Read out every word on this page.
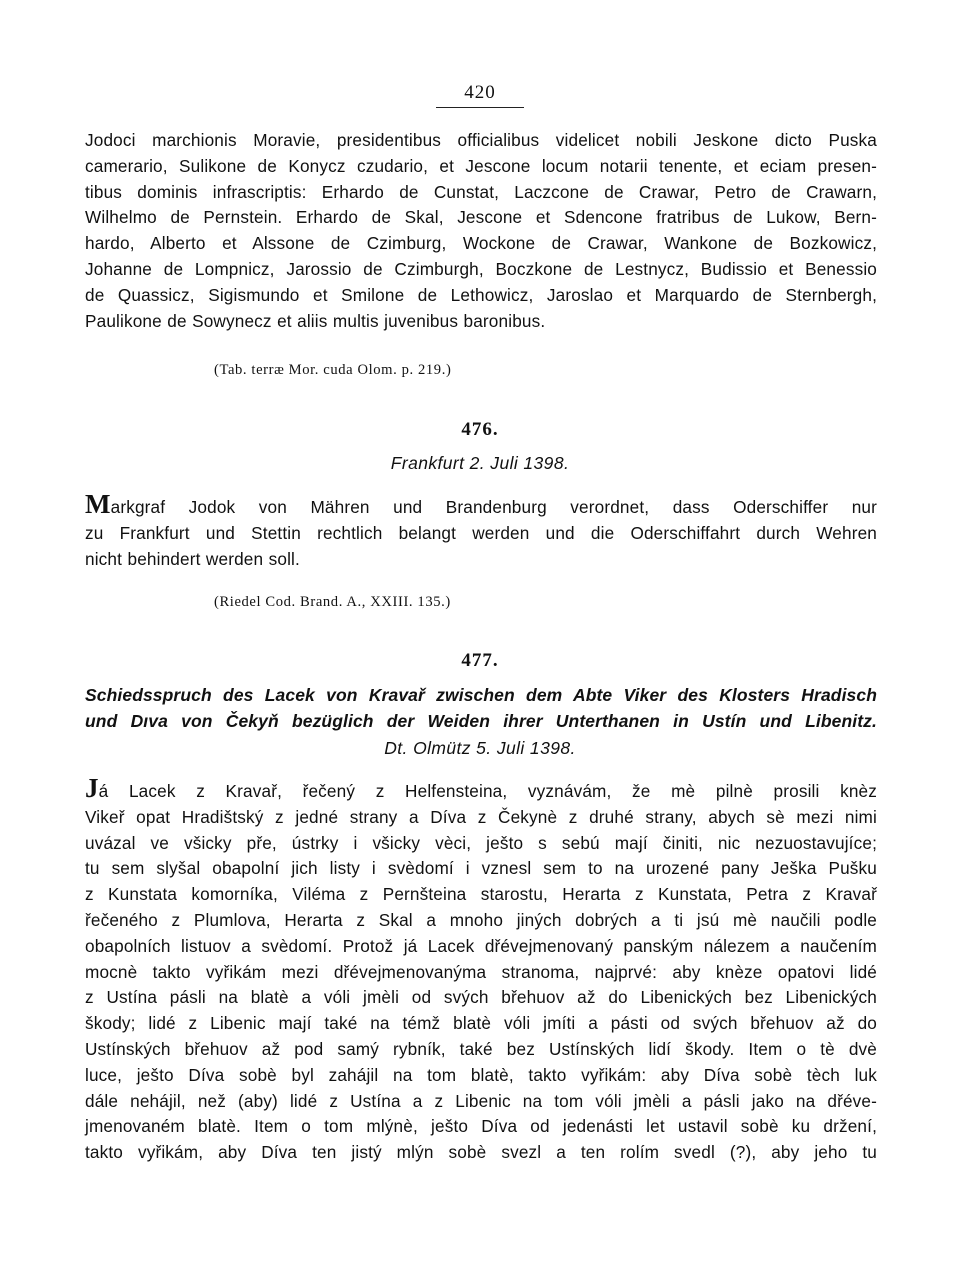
420

Jodoci marchionis Moravie, presidentibus officialibus videlicet nobili Jeskone dicto Puska
camerario, Sulikone de Konycz czudario, et Jescone locum notarii tenente, et eciam presen-
tibus dominis infrascriptis: Erhardo de Cunstat, Laczcone de Crawar, Petro de Crawarn,
Wilhelmo de Pernstein. Erhardo de Skal, Jescone et Sdencone fratribus de Lukow, Bern-
hardo, Alberto et Alssone de Czimburg, Wockone de Crawar, Wankone de Bozkowicz,
Johanne de Lompnicz, Jarossio de Czimburgh, Boczkone de Lestnycz, Budissio et Benessio
de Quassicz, Sigismundo et Smilone de Lethowicz, Jaroslao et Marquardo de Sternbergh,
Paulikone de Sowynecz et aliis multis juvenibus baronibus.

(Tab. terræ Mor. cuda Olom. p. 219.)

476.

Frankfurt 2. Juli 1398.

Markgraf Jodok von Mähren und Brandenburg verordnet, dass Oderschiffer nur
zu Frankfurt und Stettin rechtlich belangt werden und die Oderschiffahrt durch Wehren
nicht behindert werden soll.

(Riedel Cod. Brand. A., XXIII. 135.)

477.

Schiedsspruch des Lacek von Kravař zwischen dem Abte Viker des Klosters Hradisch
und Dıva von Čekyň bezüglich der Weiden ihrer Unterthanen in Ustín und Libenitz.

Dt. Olmütz 5. Juli 1398.

Já Lacek z Kravař, řečený z Helfensteina, vyznávám, že mè pilnè prosili knèz
Vikeř opat Hradištský z jedné strany a Díva z Čekynè z druhé strany, abych sè mezi nimi
uvázal ve všicky pře, ústrky i všicky vèci, ješto s sebú mají činiti, nic nezuostavujíce;
tu sem slyšal obapolní jich listy i svèdomí i vznesl sem to na urozené pany Ješka Pušku
z Kunstata komorníka, Viléma z Pernšteina starostu, Herarta z Kunstata, Petra z Kravař
řečeného z Plumlova, Herarta z Skal a mnoho jiných dobrých a ti jsú mè naučili podle
obapolních listuov a svèdomí. Protož já Lacek dřévejmenovaný panským nálezem a naučením
mocnè takto vyřikám mezi dřévejmenovanýma stranoma, najprvé: aby knèze opatovi lidé
z Ustína pásli na blatè a vóli jmèli od svých břehuov až do Libenických bez Libenických
škody; lidé z Libenic mají také na témž blatè vóli jmíti a pásti od svých břehuov až do
Ustínských břehuov až pod samý rybník, také bez Ustínských lidí škody. Item o tè dvè
luce, ješto Díva sobè byl zahájil na tom blatè, takto vyřikám: aby Díva sobè tèch luk
dále nehájil, než (aby) lidé z Ustína a z Libenic na tom vóli jmèli a pásli jako na dřéve-
jmenovaném blatè. Item o tom mlýnè, ješto Díva od jedenásti let ustavil sobè ku držení,
takto vyřikám, aby Díva ten jistý mlýn sobè svezl a ten rolím svedl (?), aby jeho tu
